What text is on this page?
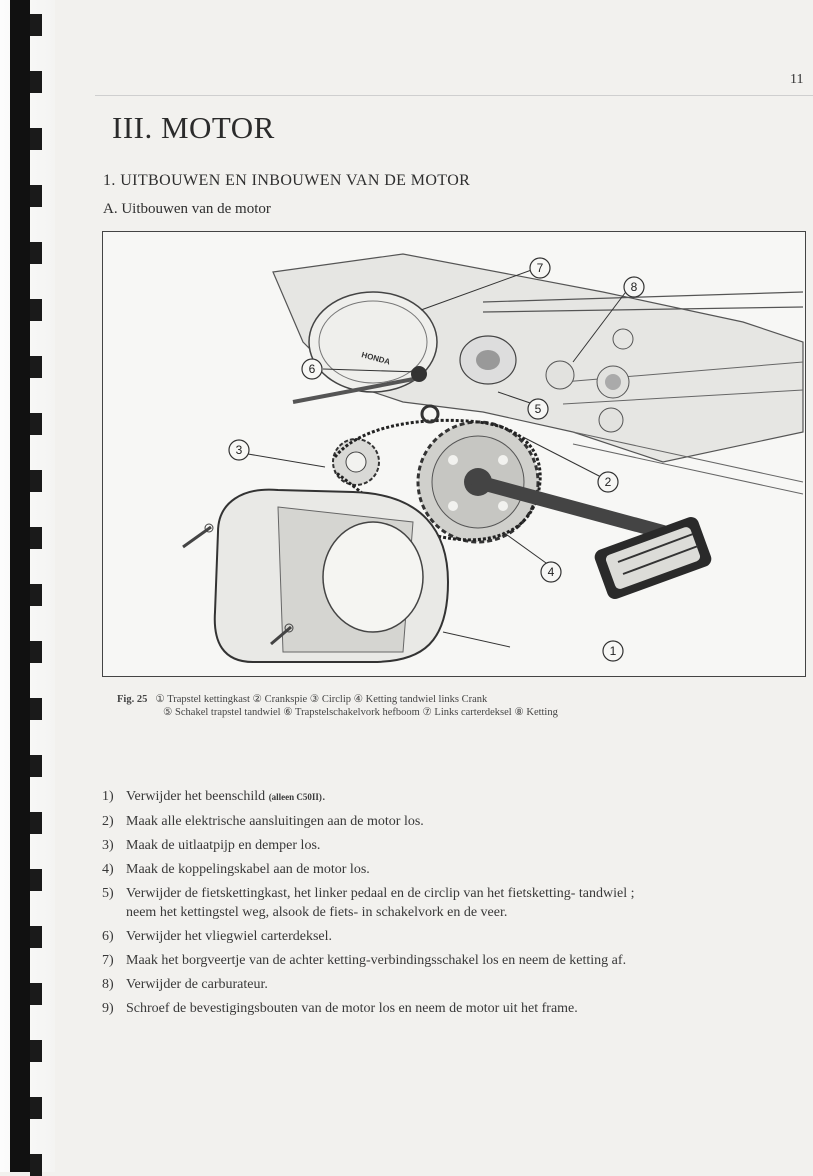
11
III. MOTOR
1. UITBOUWEN EN INBOUWEN VAN DE MOTOR
A. Uitbouwen van de motor
HONDA
1
2
3
4
5
6
7
8
Fig. 25 ① Trapstel kettingkast ② Crankspie ③ Circlip ④ Ketting tandwiel links Crank
⑤ Schakel trapstel tandwiel ⑥ Trapstelschakelvork hefboom ⑦ Links carterdeksel ⑧ Ketting
1) Verwijder het beenschild (alleen C50II).
2) Maak alle elektrische aansluitingen aan de motor los.
3) Maak de uitlaatpijp en demper los.
4) Maak de koppelingskabel aan de motor los.
5) Verwijder de fietskettingkast, het linker pedaal en de circlip van het fietsketting- tandwiel ;
neem het kettingstel weg, alsook de fiets- in schakelvork en de veer.
6) Verwijder het vliegwiel carterdeksel.
7) Maak het borgveertje van de achter ketting-verbindingsschakel los en neem de ketting af.
8) Verwijder de carburateur.
9) Schroef de bevestigingsbouten van de motor los en neem de motor uit het frame.
